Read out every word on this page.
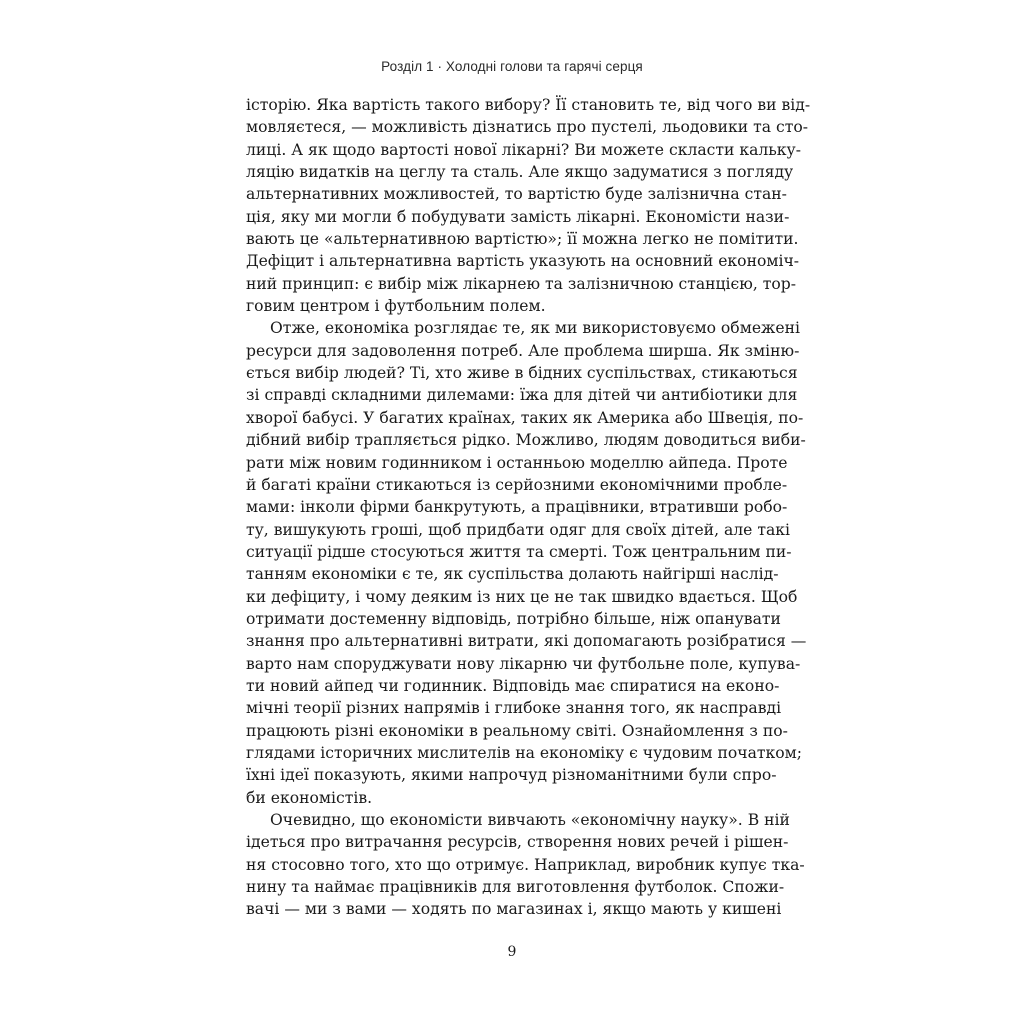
Розділ 1 · Холодні голови та гарячі серця
історію. Яка вартість такого вибору? Її становить те, від чого ви від-
мовляєтеся, — можливість дізнатись про пустелі, льодовики та сто-
лиці. А як щодо вартості нової лікарні? Ви можете скласти кальку-
ляцію видатків на цеглу та сталь. Але якщо задуматися з погляду
альтернативних можливостей, то вартістю буде залізнична стан-
ція, яку ми могли б побудувати замість лікарні. Економісти нази-
вають це «альтернативною вартістю»; її можна легко не помітити.
Дефіцит і альтернативна вартість указують на основний економіч-
ний принцип: є вибір між лікарнею та залізничною станцією, тор-
говим центром і футбольним полем.
Отже, економіка розглядає те, як ми використовуємо обмежені
ресурси для задоволення потреб. Але проблема ширша. Як зміню-
ється вибір людей? Ті, хто живе в бідних суспільствах, стикаються
зі справді складними дилемами: їжа для дітей чи антибіотики для
хворої бабусі. У багатих країнах, таких як Америка або Швеція, по-
дібний вибір трапляється рідко. Можливо, людям доводиться виби-
рати між новим годинником і останньою моделлю айпеда. Проте
й багаті країни стикаються із серйозними економічними пробле-
мами: інколи фірми банкрутують, а працівники, втративши робо-
ту, вишукують гроші, щоб придбати одяг для своїх дітей, але такі
ситуації рідше стосуються життя та смерті. Тож центральним пи-
танням економіки є те, як суспільства долають найгірші наслід-
ки дефіциту, і чому деяким із них це не так швидко вдається. Щоб
отримати достеменну відповідь, потрібно більше, ніж опанувати
знання про альтернативні витрати, які допомагають розібратися —
варто нам споруджувати нову лікарню чи футбольне поле, купува-
ти новий айпед чи годинник. Відповідь має спиратися на еконо-
мічні теорії різних напрямів і глибоке знання того, як насправді
працюють різні економіки в реальному світі. Ознайомлення з по-
глядами історичних мислителів на економіку є чудовим початком;
їхні ідеї показують, якими напрочуд різноманітними були спро-
би економістів.
Очевидно, що економісти вивчають «економічну науку». В ній
ідеться про витрачання ресурсів, створення нових речей і рішен-
ня стосовно того, хто що отримує. Наприклад, виробник купує тка-
нину та наймає працівників для виготовлення футболок. Спожи-
вачі — ми з вами — ходять по магазинах і, якщо мають у кишені
9
